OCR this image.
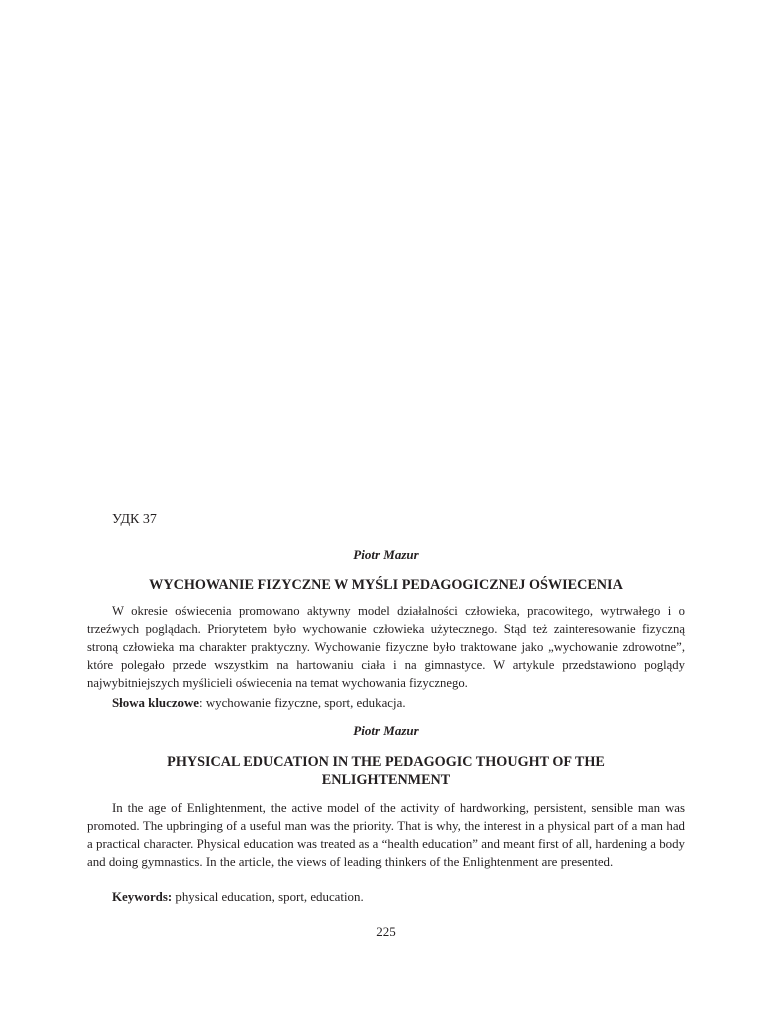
УДК 37
Piotr Mazur
WYCHOWANIE FIZYCZNE W MYŚLI PEDAGOGICZNEJ OŚWIECENIA

W okresie oświecenia promowano aktywny model działalności człowieka, pracowitego, wytrwałego i o trzeźwych poglądach. Priorytetem było wychowanie człowieka użytecznego. Stąd też zainteresowanie fizyczną stroną człowieka ma charakter praktyczny. Wychowanie fizyczne było traktowane jako „wychowanie zdrowotne”, które polegało przede wszystkim na hartowaniu ciała i na gimnastyce. W artykule przedstawiono poglądy najwybitniejszych myślicieli oświecenia na temat wychowania fizycznego.

Słowa kluczowe: wychowanie fizyczne, sport, edukacja.
Piotr Mazur
PHYSICAL EDUCATION IN THE PEDAGOGIC THOUGHT OF THE ENLIGHTENMENT

In the age of Enlightenment, the active model of the activity of hardworking, persistent, sensible man was promoted. The upbringing of a useful man was the priority. That is why, the interest in a physical part of a man had a practical character. Physical education was treated as a “health education” and meant first of all, hardening a body and doing gymnastics. In the article, the views of leading thinkers of the Enlightenment are presented.

Keywords: physical education, sport, education.
225
